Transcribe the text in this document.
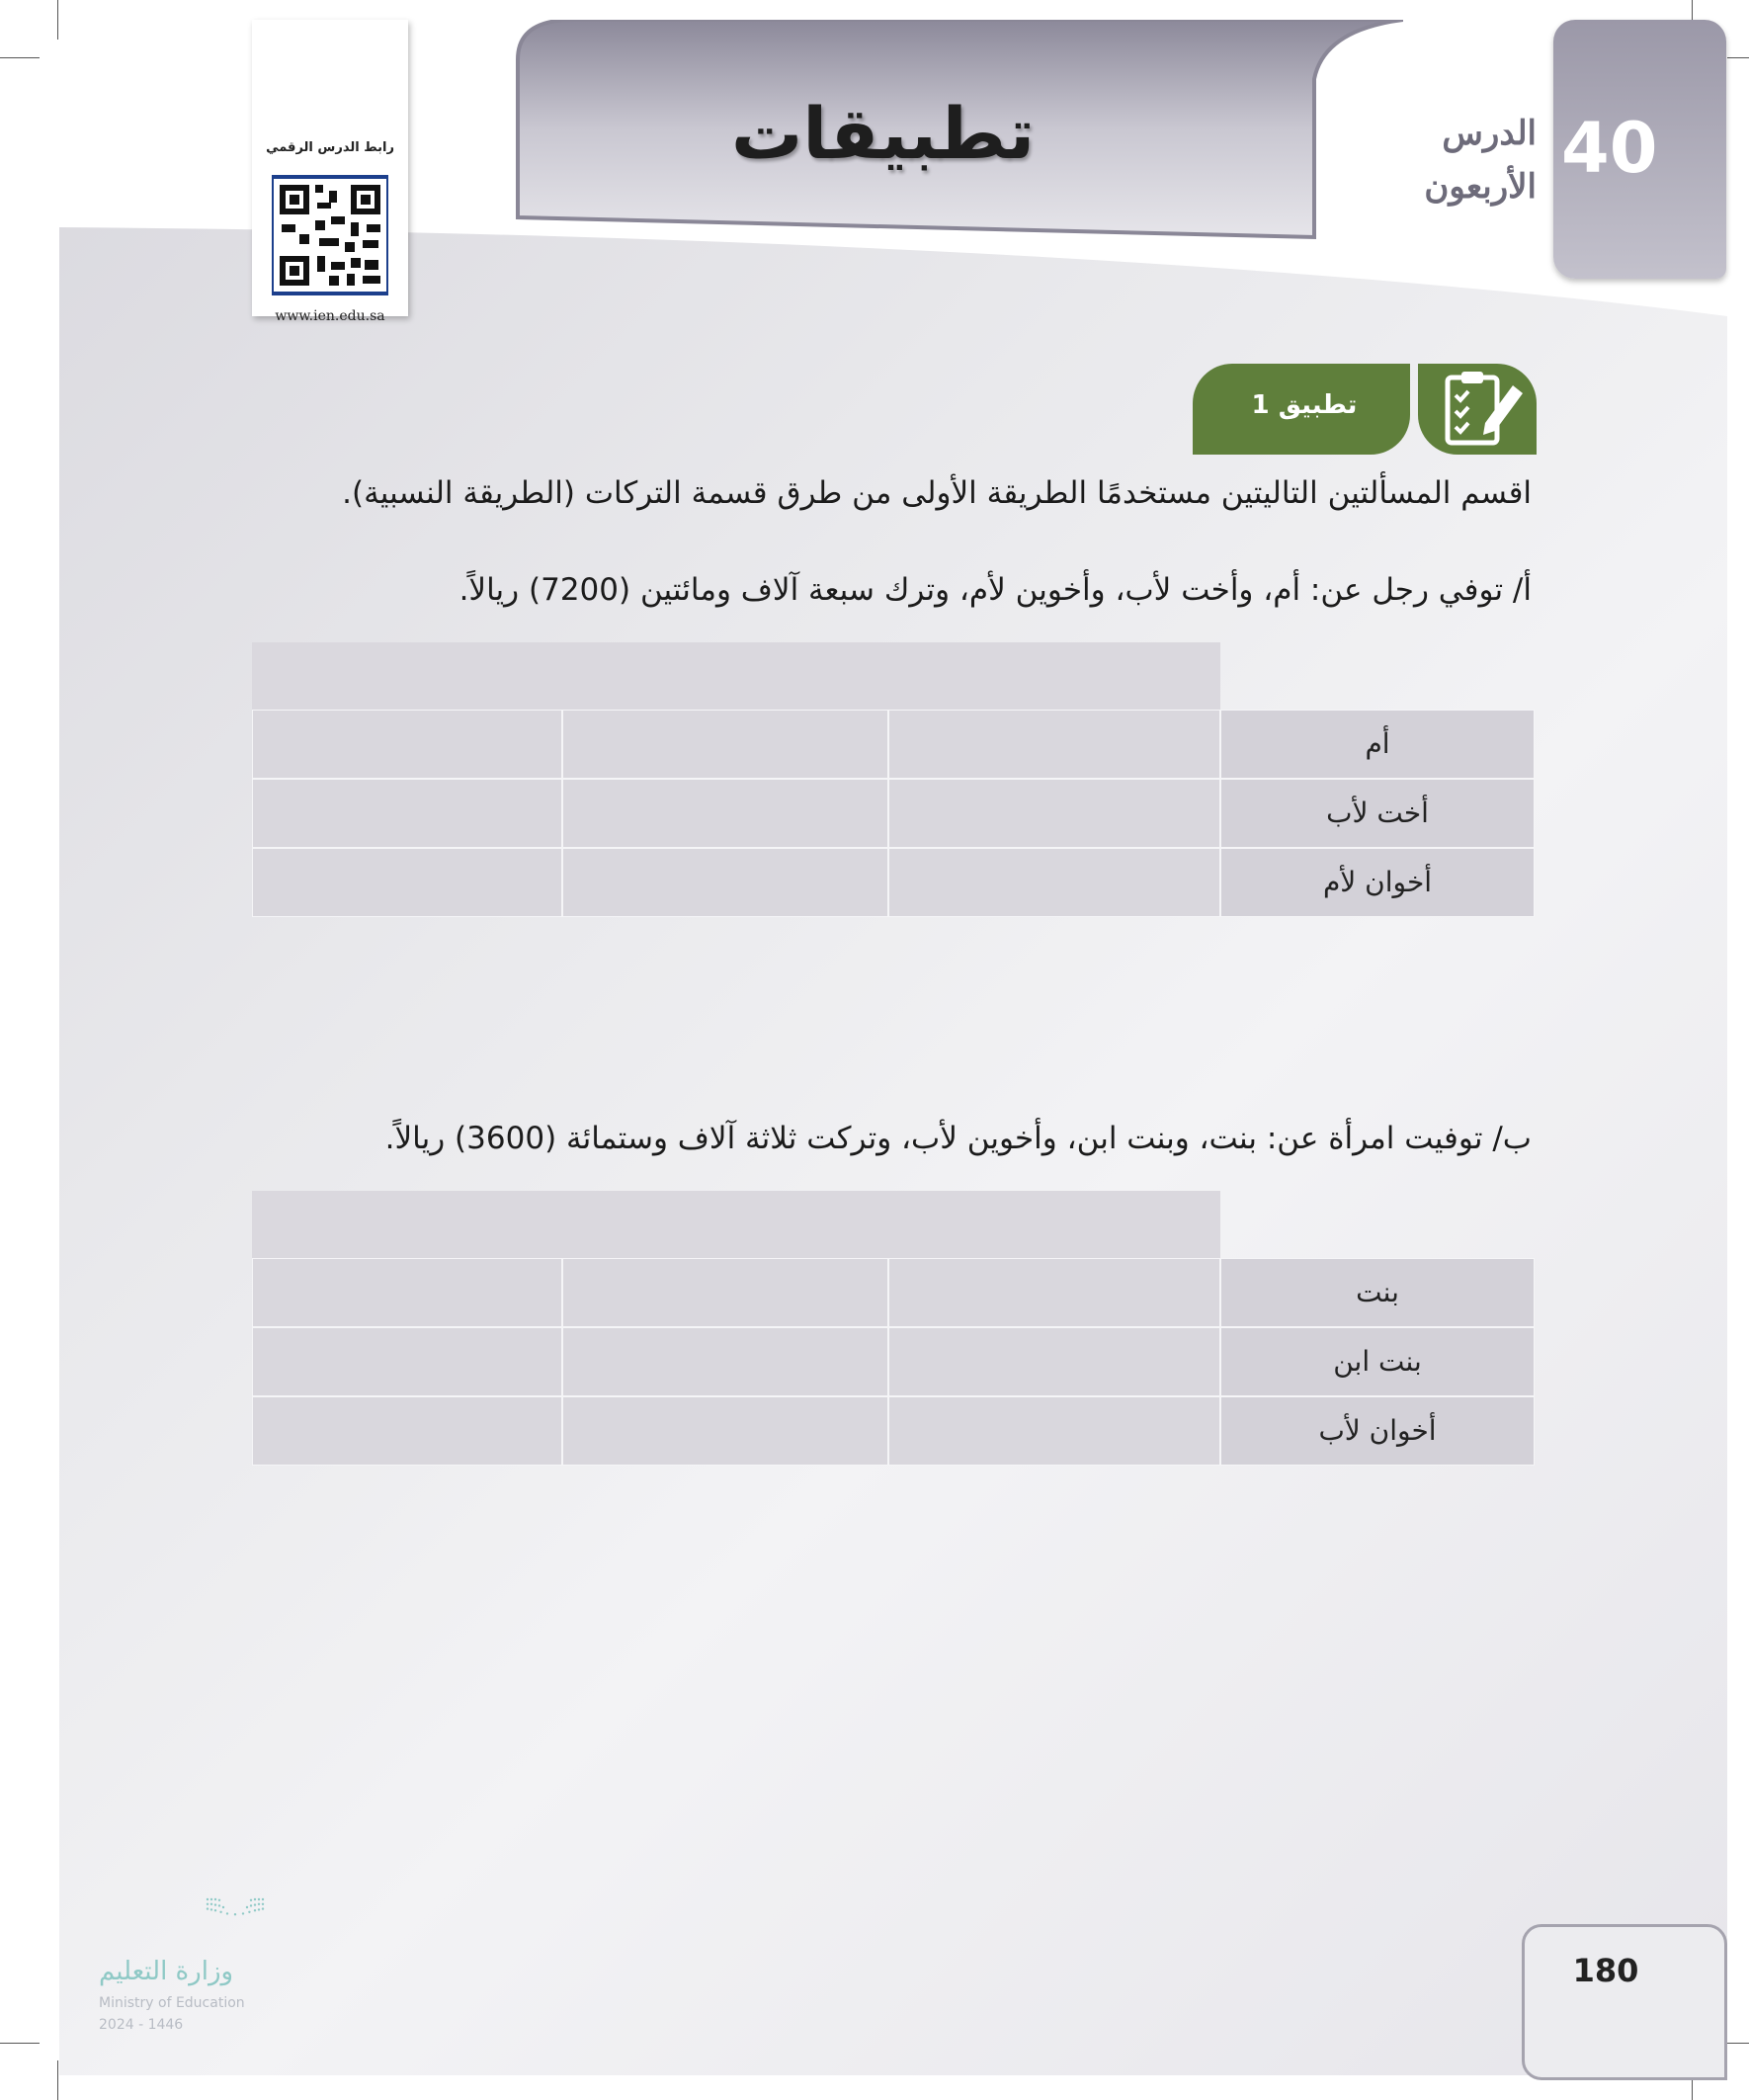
تطبيقات	40
الدرس
الأربعون
رابط الدرس الرقمي
www.ien.edu.sa
تطبيق 1
اقسم المسألتين التاليتين مستخدمًا الطريقة الأولى من طرق قسمة التركات (الطريقة النسبية).
أ/ توفي رجل عن: أم، وأخت لأب، وأخوين لأم، وترك سبعة آلاف ومائتين (7200) ريالاً.
ب/ توفيت امرأة عن: بنت، وبنت ابن، وأخوين لأب، وتركت ثلاثة آلاف وستمائة (3600) ريالاً.
أم
أخت لأب
أخوان لأم
بنت
بنت ابن
أخوان لأب
وزارة التعليم
Ministry of Education
2024 - 1446
180
